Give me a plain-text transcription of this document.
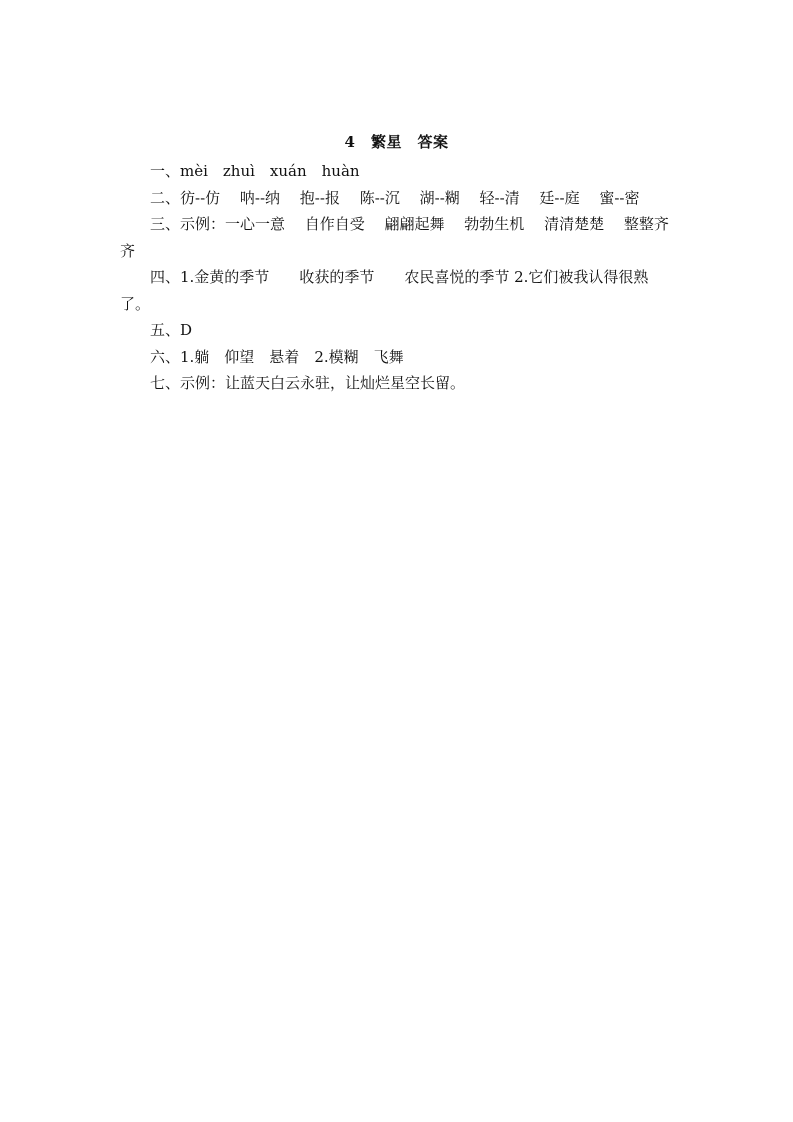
4　繁星　答案

一、mèi　zhuì　xuán　huàn

二、彷--仿　 呐--纳　 抱--报　 陈--沉　 湖--糊　 轻--清　 廷--庭　 蜜--密

三、示例：一心一意　 自作自受　 翩翩起舞　 勃勃生机　 清清楚楚　 整整齐齐

四、1.金黄的季节　　收获的季节　　农民喜悦的季节 2.它们被我认得很熟了。

五、D

六、1.躺　仰望　悬着　2.模糊　飞舞

七、示例：让蓝天白云永驻，让灿烂星空长留。
